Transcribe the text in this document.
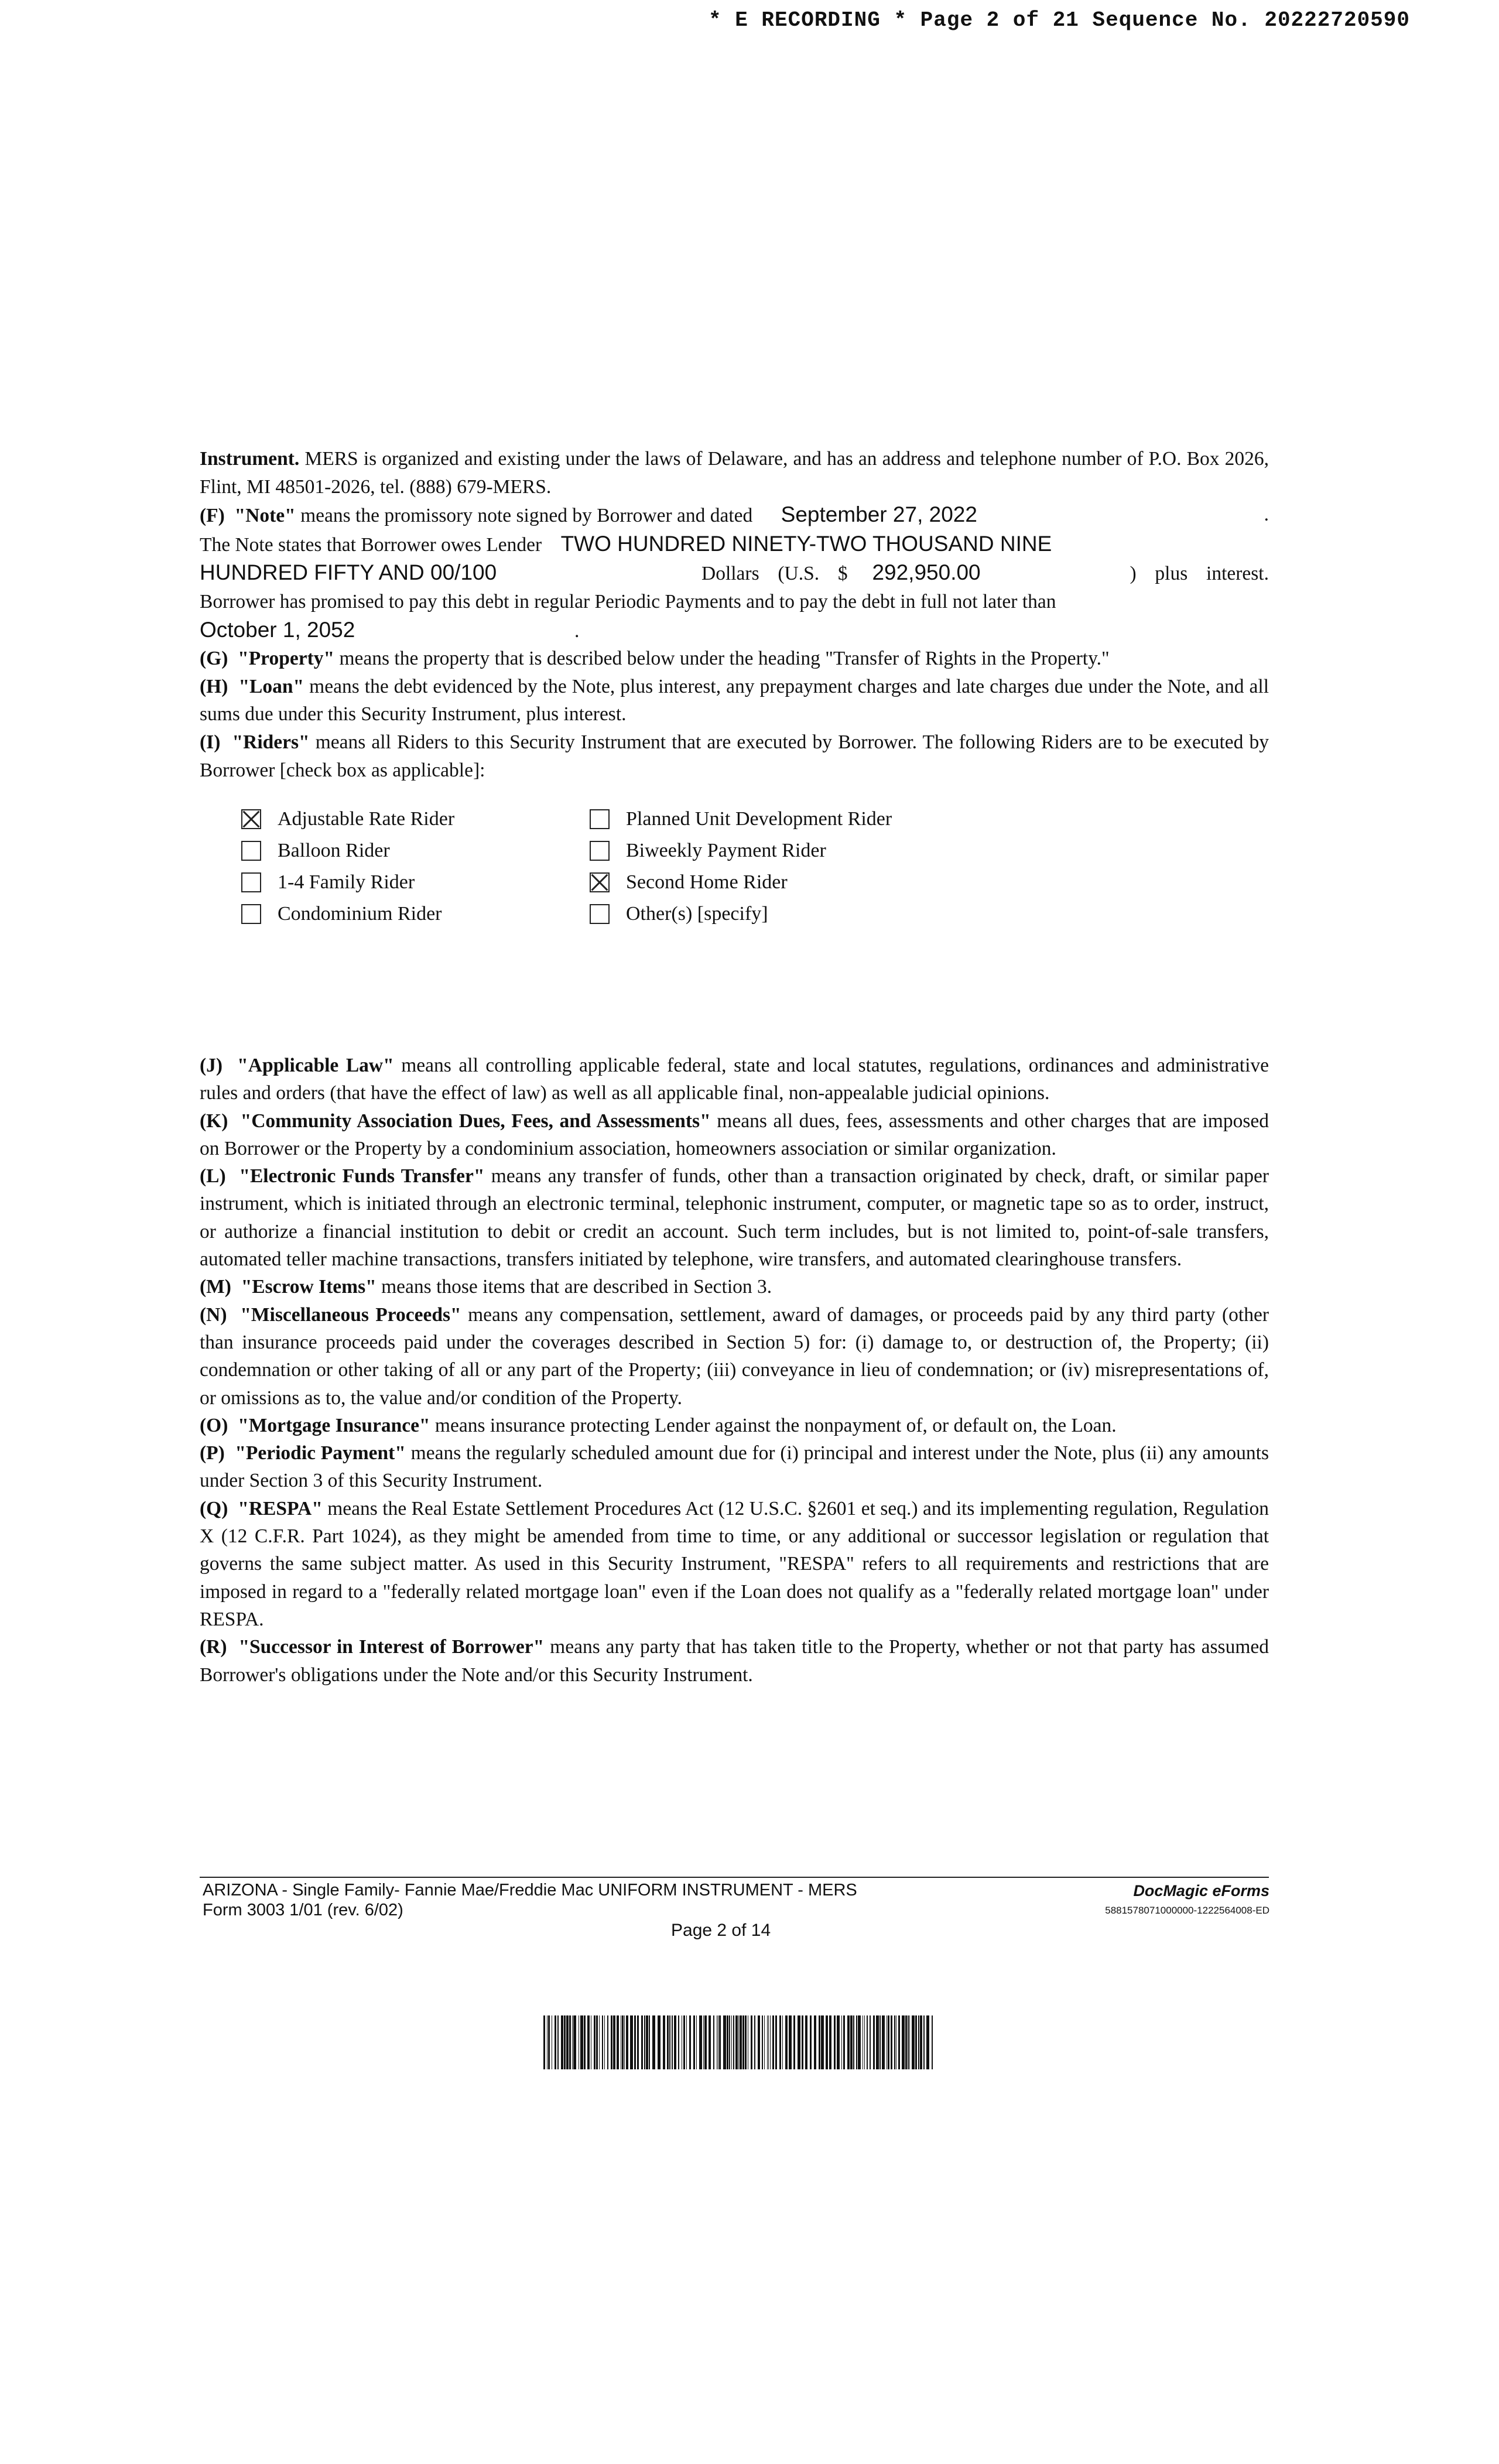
* E RECORDING * Page 2 of 21 Sequence No. 20222720590

Instrument. MERS is organized and existing under the laws of Delaware, and has an address and telephone number of P.O. Box 2026, Flint, MI 48501-2026, tel. (888) 679-MERS.

(F) "Note" means the promissory note signed by Borrower and dated September 27, 2022	.

The Note states that Borrower owes Lender TWO HUNDRED NINETY-TWO THOUSAND NINE
HUNDRED FIFTY AND 00/100	Dollars (U.S. $ 292,950.00	) plus interest. Borrower has promised to pay this debt in regular Periodic Payments and to pay the debt in full not later than
October 1, 2052	.

(G) "Property" means the property that is described below under the heading "Transfer of Rights in the Property."

(H) "Loan" means the debt evidenced by the Note, plus interest, any prepayment charges and late charges due under the Note, and all sums due under this Security Instrument, plus interest.

(I) "Riders" means all Riders to this Security Instrument that are executed by Borrower. The following Riders are to be executed by Borrower [check box as applicable]:

Adjustable Rate Rider	Planned Unit Development Rider
Balloon Rider	Biweekly Payment Rider
1-4 Family Rider	Second Home Rider
Condominium Rider	Other(s) [specify]

(J) "Applicable Law" means all controlling applicable federal, state and local statutes, regulations, ordinances and administrative rules and orders (that have the effect of law) as well as all applicable final, non-appealable judicial opinions.

(K) "Community Association Dues, Fees, and Assessments" means all dues, fees, assessments and other charges that are imposed on Borrower or the Property by a condominium association, homeowners association or similar organization.

(L) "Electronic Funds Transfer" means any transfer of funds, other than a transaction originated by check, draft, or similar paper instrument, which is initiated through an electronic terminal, telephonic instrument, computer, or magnetic tape so as to order, instruct, or authorize a financial institution to debit or credit an account. Such term includes, but is not limited to, point-of-sale transfers, automated teller machine transactions, transfers initiated by telephone, wire transfers, and automated clearinghouse transfers.

(M) "Escrow Items" means those items that are described in Section 3.

(N) "Miscellaneous Proceeds" means any compensation, settlement, award of damages, or proceeds paid by any third party (other than insurance proceeds paid under the coverages described in Section 5) for: (i) damage to, or destruction of, the Property; (ii) condemnation or other taking of all or any part of the Property; (iii) conveyance in lieu of condemnation; or (iv) misrepresentations of, or omissions as to, the value and/or condition of the Property.

(O) "Mortgage Insurance" means insurance protecting Lender against the nonpayment of, or default on, the Loan.

(P) "Periodic Payment" means the regularly scheduled amount due for (i) principal and interest under the Note, plus (ii) any amounts under Section 3 of this Security Instrument.

(Q) "RESPA" means the Real Estate Settlement Procedures Act (12 U.S.C. §2601 et seq.) and its implementing regulation, Regulation X (12 C.F.R. Part 1024), as they might be amended from time to time, or any additional or successor legislation or regulation that governs the same subject matter. As used in this Security Instrument, "RESPA" refers to all requirements and restrictions that are imposed in regard to a "federally related mortgage loan" even if the Loan does not qualify as a "federally related mortgage loan" under RESPA.

(R) "Successor in Interest of Borrower" means any party that has taken title to the Property, whether or not that party has assumed Borrower's obligations under the Note and/or this Security Instrument.

ARIZONA - Single Family- Fannie Mae/Freddie Mac UNIFORM INSTRUMENT - MERS
Form 3003 1/01 (rev. 6/02)
Page 2 of 14
DocMagic eForms
5881578071000000-1222564008-ED
